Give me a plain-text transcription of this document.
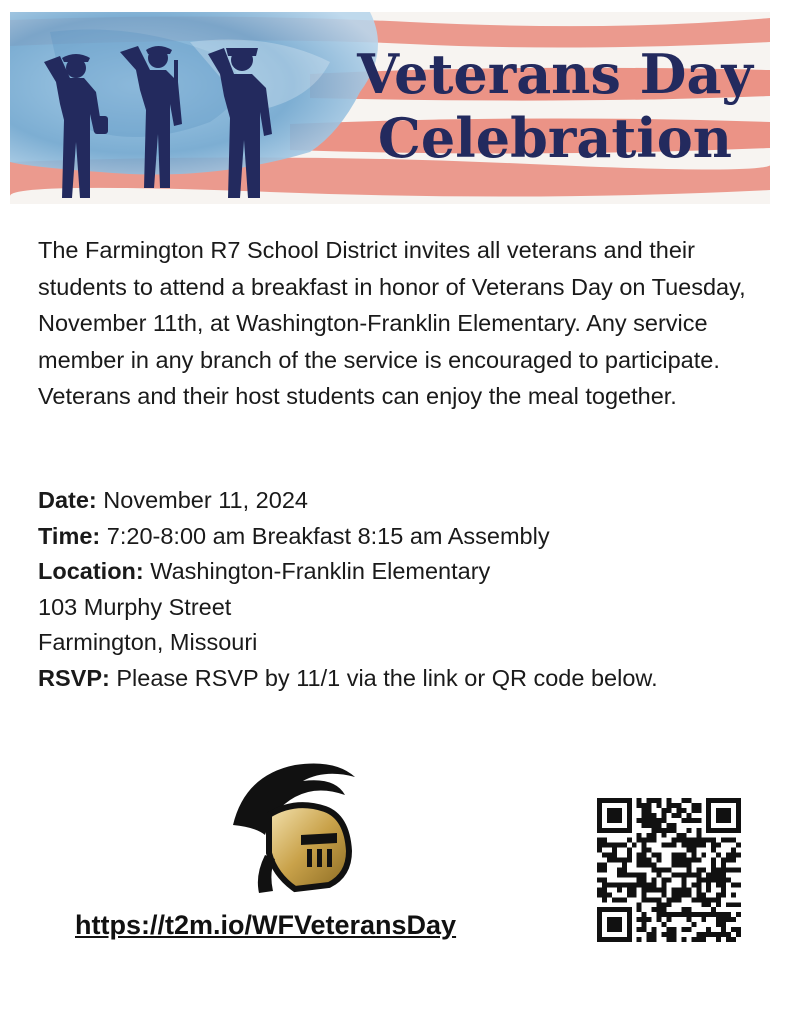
Veterans Day
Celebration

The Farmington R7 School District invites all veterans and their students to attend a breakfast in honor of Veterans Day on Tuesday, November 11th, at Washington-Franklin Elementary. Any service member in any branch of the service is encouraged to participate. Veterans and their host students can enjoy the meal together.

Date: November 11, 2024

Time: 7:20-8:00 am Breakfast 8:15 am Assembly

Location: Washington-Franklin Elementary

103 Murphy Street

Farmington, Missouri

RSVP: Please RSVP by 11/1 via the link or QR code below.

https://t2m.io/WFVeteransDay
